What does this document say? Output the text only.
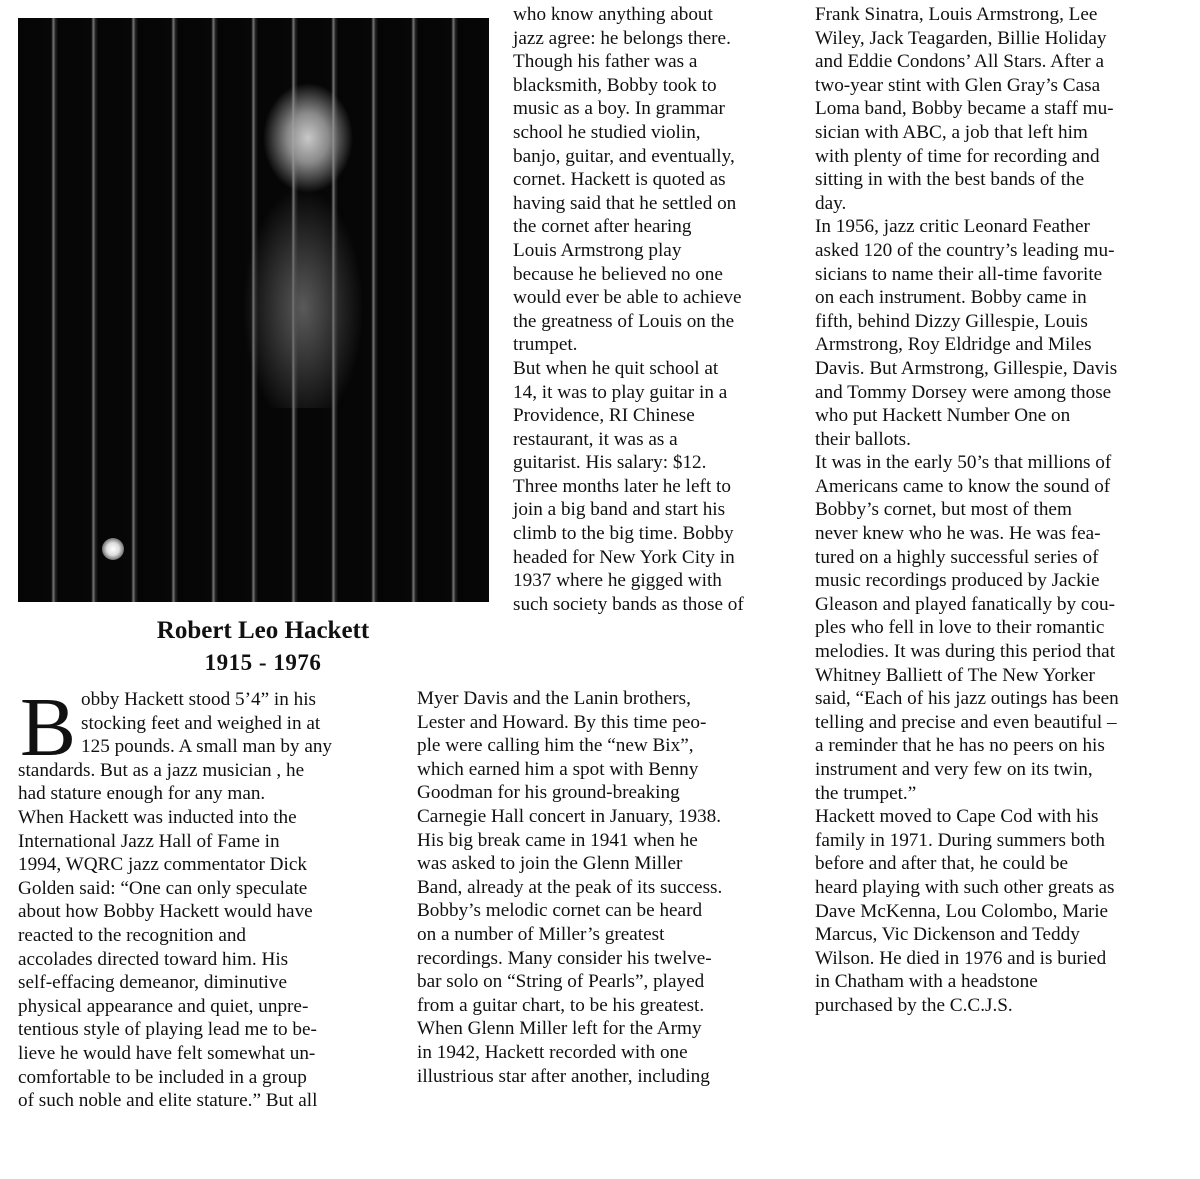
Robert Leo Hackett
1915 - 1976
B obby Hackett stood 5’4” in his

stocking feet and weighed in at

125 pounds. A small man by any

standards. But as a jazz musician , he

had stature enough for any man.

When Hackett was inducted into the

International Jazz Hall of Fame in

1994, WQRC jazz commentator Dick

Golden said: “One can only speculate

about how Bobby Hackett would have

reacted to the recognition and

accolades directed toward him. His

self-effacing demeanor, diminutive

physical appearance and quiet, unpre-

tentious style of playing lead me to be-

lieve he would have felt somewhat un-

comfortable to be included in a group

of such noble and elite stature.” But all

who know anything about

jazz agree: he belongs there.

Though his father was a

blacksmith, Bobby took to

music as a boy. In grammar

school he studied violin,

banjo, guitar, and eventually,

cornet. Hackett is quoted as

having said that he settled on

the cornet after hearing

Louis Armstrong play

because he believed no one

would ever be able to achieve

the greatness of Louis on the

trumpet.

But when he quit school at

14, it was to play guitar in a

Providence, RI Chinese

restaurant, it was as a

guitarist. His salary: $12.

Three months later he left to

join a big band and start his

climb to the big time. Bobby

headed for New York City in

1937 where he gigged with

such society bands as those of

Myer Davis and the Lanin brothers,

Lester and Howard. By this time peo-

ple were calling him the “new Bix”,

which earned him a spot with Benny

Goodman for his ground-breaking

Carnegie Hall concert in January, 1938.

His big break came in 1941 when he

was asked to join the Glenn Miller

Band, already at the peak of its success.

Bobby’s melodic cornet can be heard

on a number of Miller’s greatest

recordings. Many consider his twelve-

bar solo on “String of Pearls”, played

from a guitar chart, to be his greatest.

When Glenn Miller left for the Army

in 1942, Hackett recorded with one

illustrious star after another, including

Frank Sinatra, Louis Armstrong, Lee

Wiley, Jack Teagarden, Billie Holiday

and Eddie Condons’ All Stars. After a

two-year stint with Glen Gray’s Casa

Loma band, Bobby became a staff mu-

sician with ABC, a job that left him

with plenty of time for recording and

sitting in with the best bands of the

day.

In 1956, jazz critic Leonard Feather

asked 120 of the country’s leading mu-

sicians to name their all-time favorite

on each instrument. Bobby came in

fifth, behind Dizzy Gillespie, Louis

Armstrong, Roy Eldridge and Miles

Davis. But Armstrong, Gillespie, Davis

and Tommy Dorsey were among those

who put Hackett Number One on

their ballots.

It was in the early 50’s that millions of

Americans came to know the sound of

Bobby’s cornet, but most of them

never knew who he was. He was fea-

tured on a highly successful series of

music recordings produced by Jackie

Gleason and played fanatically by cou-

ples who fell in love to their romantic

melodies. It was during this period that

Whitney Balliett of The New Yorker

said, “Each of his jazz outings has been

telling and precise and even beautiful –

a reminder that he has no peers on his

instrument and very few on its twin,

the trumpet.”

Hackett moved to Cape Cod with his

family in 1971. During summers both

before and after that, he could be

heard playing with such other greats as

Dave McKenna, Lou Colombo, Marie

Marcus, Vic Dickenson and Teddy

Wilson. He died in 1976 and is buried

in Chatham with a headstone

purchased by the C.C.J.S.
